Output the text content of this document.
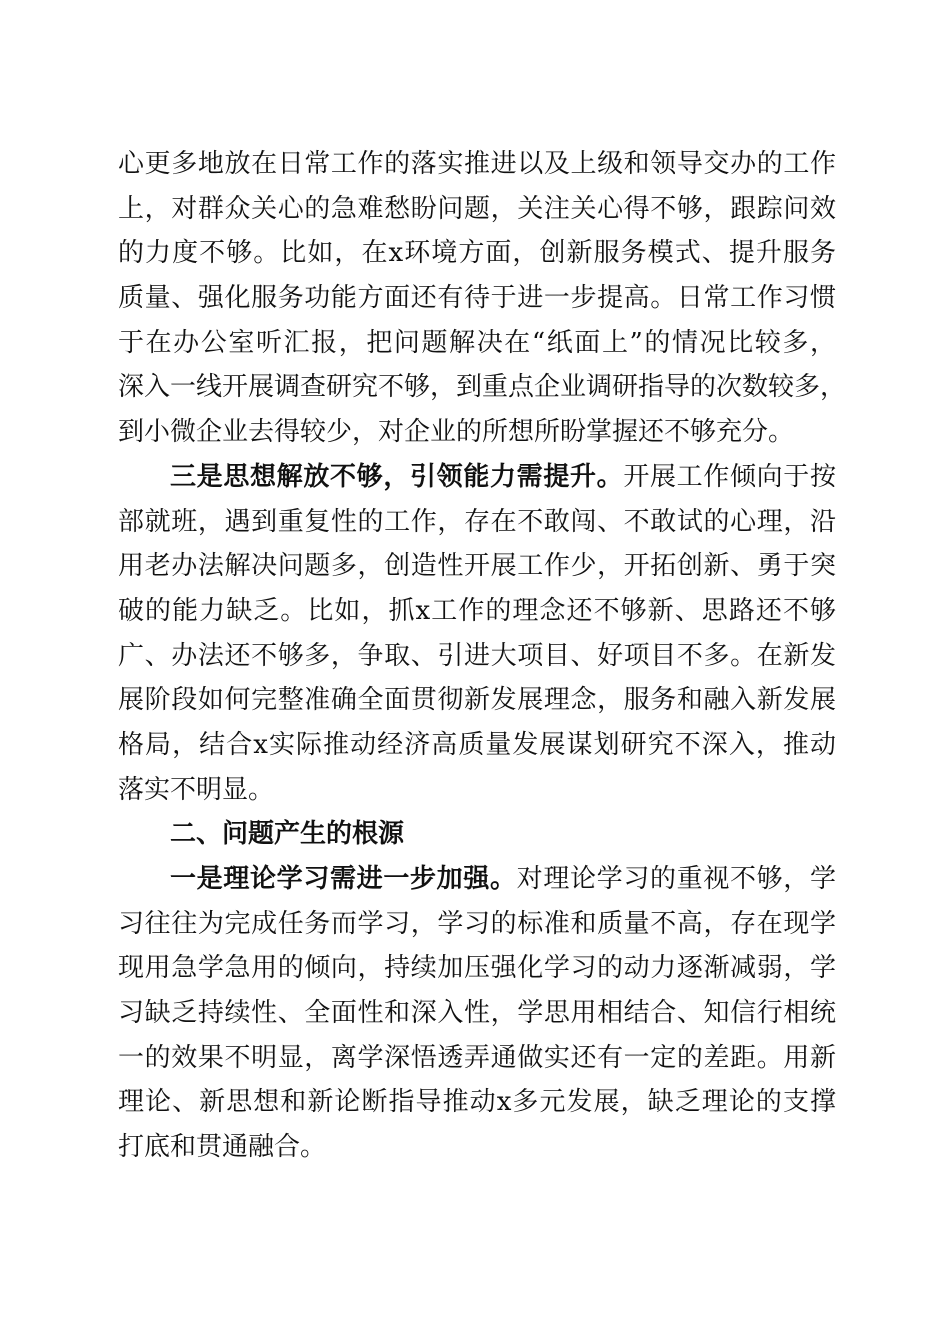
心更多地放在日常工作的落实推进以及上级和领导交办的工作
上，对群众关心的急难愁盼问题，关注关心得不够，跟踪问效
的力度不够。比如，在x环境方面，创新服务模式、提升服务
质量、强化服务功能方面还有待于进一步提高。日常工作习惯
于在办公室听汇报，把问题解决在“纸面上”的情况比较多，
深入一线开展调查研究不够，到重点企业调研指导的次数较多，
到小微企业去得较少，对企业的所想所盼掌握还不够充分。
三是思想解放不够，引领能力需提升。开展工作倾向于按
部就班，遇到重复性的工作，存在不敢闯、不敢试的心理，沿
用老办法解决问题多，创造性开展工作少，开拓创新、勇于突
破的能力缺乏。比如，抓x工作的理念还不够新、思路还不够
广、办法还不够多，争取、引进大项目、好项目不多。在新发
展阶段如何完整准确全面贯彻新发展理念，服务和融入新发展
格局，结合x实际推动经济高质量发展谋划研究不深入，推动
落实不明显。
二、问题产生的根源
一是理论学习需进一步加强。对理论学习的重视不够，学
习往往为完成任务而学习，学习的标准和质量不高，存在现学
现用急学急用的倾向，持续加压强化学习的动力逐渐减弱，学
习缺乏持续性、全面性和深入性，学思用相结合、知信行相统
一的效果不明显，离学深悟透弄通做实还有一定的差距。用新
理论、新思想和新论断指导推动x多元发展，缺乏理论的支撑
打底和贯通融合。
